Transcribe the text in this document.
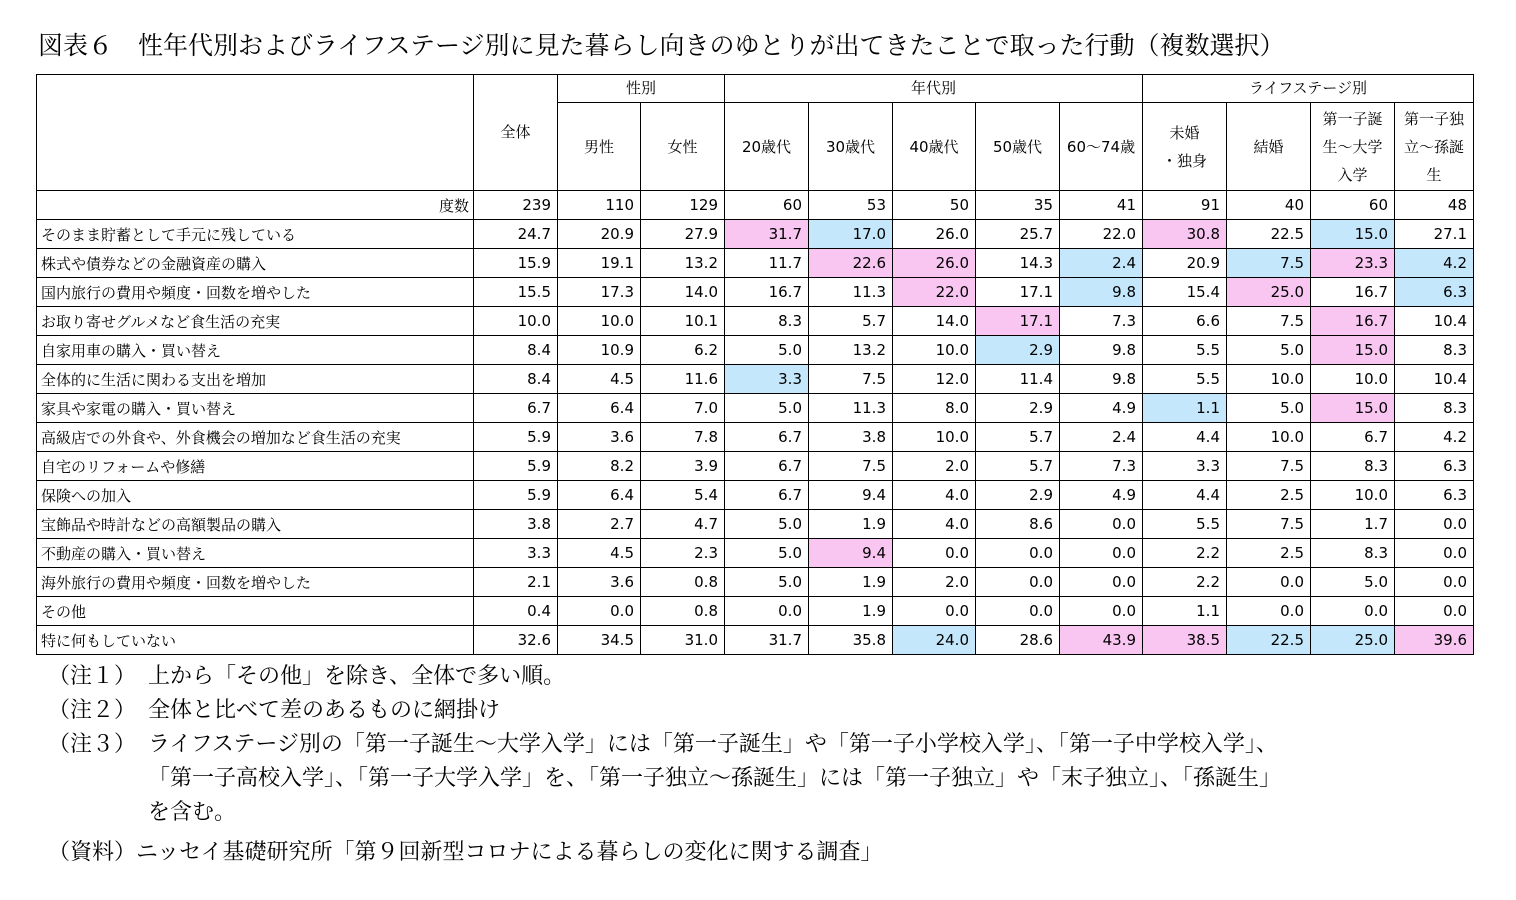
図表６　性年代別およびライフステージ別に見た暮らし向きのゆとりが出てきたことで取った行動（複数選択）
	全体	性別		年代別					ライフステージ別			
		男性	女性	20歳代	30歳代	40歳代	50歳代	60～74歳	未婚
・独身	結婚	第一子誕
生～大学
入学	第一子独
立～孫誕
生
度数	239	110	129	60	53	50	35	41	91	40	60	48
そのまま貯蓄として手元に残している	24.7	20.9	27.9	31.7	17.0	26.0	25.7	22.0	30.8	22.5	15.0	27.1
株式や債券などの金融資産の購入	15.9	19.1	13.2	11.7	22.6	26.0	14.3	2.4	20.9	7.5	23.3	4.2
国内旅行の費用や頻度・回数を増やした	15.5	17.3	14.0	16.7	11.3	22.0	17.1	9.8	15.4	25.0	16.7	6.3
お取り寄せグルメなど食生活の充実	10.0	10.0	10.1	8.3	5.7	14.0	17.1	7.3	6.6	7.5	16.7	10.4
自家用車の購入・買い替え	8.4	10.9	6.2	5.0	13.2	10.0	2.9	9.8	5.5	5.0	15.0	8.3
全体的に生活に関わる支出を増加	8.4	4.5	11.6	3.3	7.5	12.0	11.4	9.8	5.5	10.0	10.0	10.4
家具や家電の購入・買い替え	6.7	6.4	7.0	5.0	11.3	8.0	2.9	4.9	1.1	5.0	15.0	8.3
高級店での外食や、外食機会の増加など食生活の充実	5.9	3.6	7.8	6.7	3.8	10.0	5.7	2.4	4.4	10.0	6.7	4.2
自宅のリフォームや修繕	5.9	8.2	3.9	6.7	7.5	2.0	5.7	7.3	3.3	7.5	8.3	6.3
保険への加入	5.9	6.4	5.4	6.7	9.4	4.0	2.9	4.9	4.4	2.5	10.0	6.3
宝飾品や時計などの高額製品の購入	3.8	2.7	4.7	5.0	1.9	4.0	8.6	0.0	5.5	7.5	1.7	0.0
不動産の購入・買い替え	3.3	4.5	2.3	5.0	9.4	0.0	0.0	0.0	2.2	2.5	8.3	0.0
海外旅行の費用や頻度・回数を増やした	2.1	3.6	0.8	5.0	1.9	2.0	0.0	0.0	2.2	0.0	5.0	0.0
その他	0.4	0.0	0.8	0.0	1.9	0.0	0.0	0.0	1.1	0.0	0.0	0.0
特に何もしていない	32.6	34.5	31.0	31.7	35.8	24.0	28.6	43.9	38.5	22.5	25.0	39.6
（注１） 上から「その他」を除き、全体で多い順。
（注２） 全体と比べて差のあるものに網掛け
（注３） ライフステージ別の「第一子誕生～大学入学」には「第一子誕生」や「第一子小学校入学」、「第一子中学校入学」、
「第一子高校入学」、「第一子大学入学」を、「第一子独立～孫誕生」には「第一子独立」や「末子独立」、「孫誕生」
を含む。
（資料）ニッセイ基礎研究所「第９回新型コロナによる暮らしの変化に関する調査」
